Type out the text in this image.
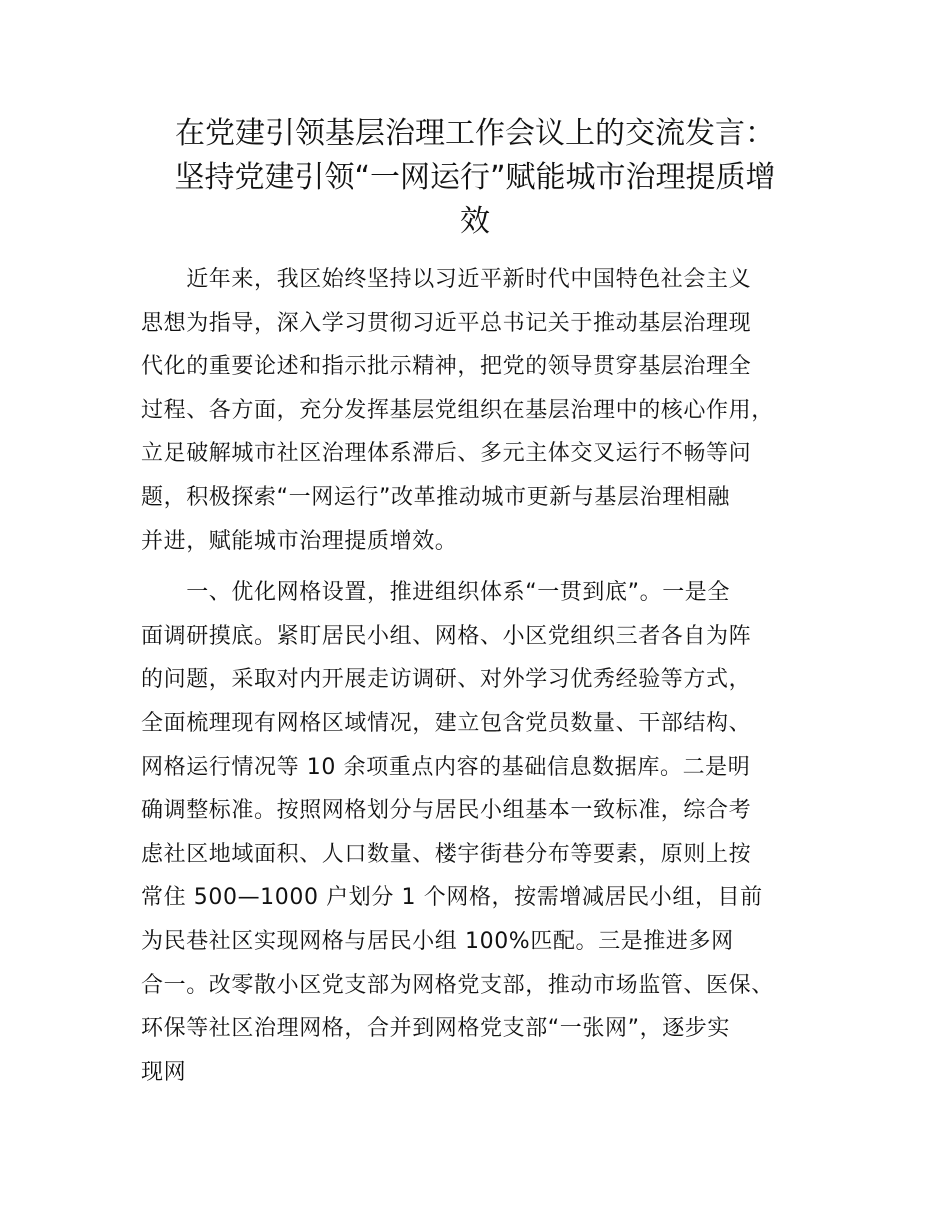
在党建引领基层治理工作会议上的交流发言：
坚持党建引领“一网运行”赋能城市治理提质增
效
　　近年来，我区始终坚持以习近平新时代中国特色社会主义
思想为指导，深入学习贯彻习近平总书记关于推动基层治理现
代化的重要论述和指示批示精神，把党的领导贯穿基层治理全
过程、各方面，充分发挥基层党组织在基层治理中的核心作用，
立足破解城市社区治理体系滞后、多元主体交叉运行不畅等问
题，积极探索“一网运行”改革推动城市更新与基层治理相融
并进，赋能城市治理提质增效。
　　一、优化网格设置，推进组织体系“一贯到底”。一是全
面调研摸底。紧盯居民小组、网格、小区党组织三者各自为阵
的问题，采取对内开展走访调研、对外学习优秀经验等方式，
全面梳理现有网格区域情况，建立包含党员数量、干部结构、
网格运行情况等 10 余项重点内容的基础信息数据库。二是明
确调整标准。按照网格划分与居民小组基本一致标准，综合考
虑社区地域面积、人口数量、楼宇街巷分布等要素，原则上按
常住 500—1000 户划分 1 个网格，按需增减居民小组，目前
为民巷社区实现网格与居民小组 100%匹配。三是推进多网
合一。改零散小区党支部为网格党支部，推动市场监管、医保、
环保等社区治理网格，合并到网格党支部“一张网”，逐步实
现网
